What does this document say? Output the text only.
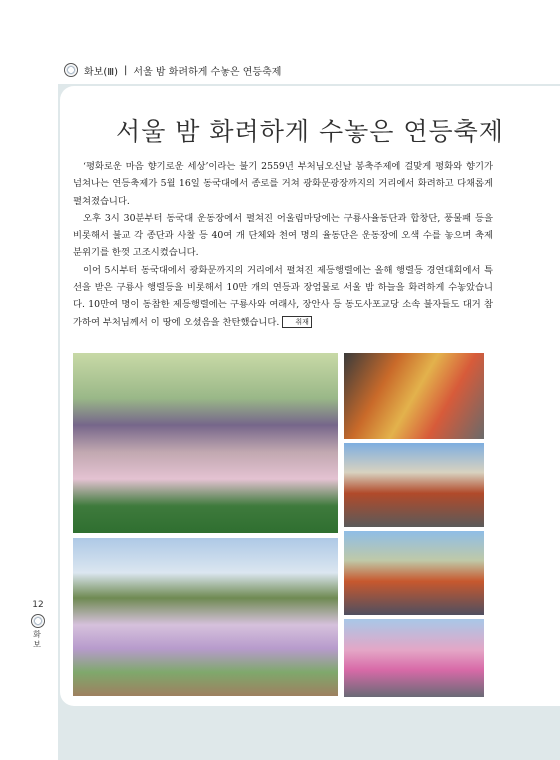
화보(Ⅲ) | 서울 밤 화려하게 수놓은 연등축제
서울 밤 화려하게 수놓은 연등축제

‘평화로운 마음 향기로운 세상’이라는 불기 2559년 부처님오신날 봉축주제에 걸맞게 평화와 향기가 넘쳐나는 연등축제가 5월 16일 동국대에서 종로를 거쳐 광화문광장까지의 거리에서 화려하고 다채롭게 펼쳐졌습니다.

오후 3시 30분부터 동국대 운동장에서 펼쳐진 어울림마당에는 구룡사율동단과 합창단, 풍물패 등을 비롯해서 불교 각 종단과 사찰 등 40여 개 단체와 천여 명의 율동단은 운동장에 오색 수를 놓으며 축제 분위기를 한껏 고조시켰습니다.

이어 5시부터 동국대에서 광화문까지의 거리에서 펼쳐진 제등행렬에는 올해 행렬등 경연대회에서 특선을 받은 구룡사 행렬등을 비롯해서 10만 개의 연등과 장엄물로 서울 밤 하늘을 화려하게 수놓았습니다. 10만여 명이 동참한 제등행렬에는 구룡사와 여래사, 장안사 등 동도사포교당 소속 불자들도 대거 참가하여 부처님께서 이 땅에 오셨음을 찬탄했습니다. 취재

12
화보
